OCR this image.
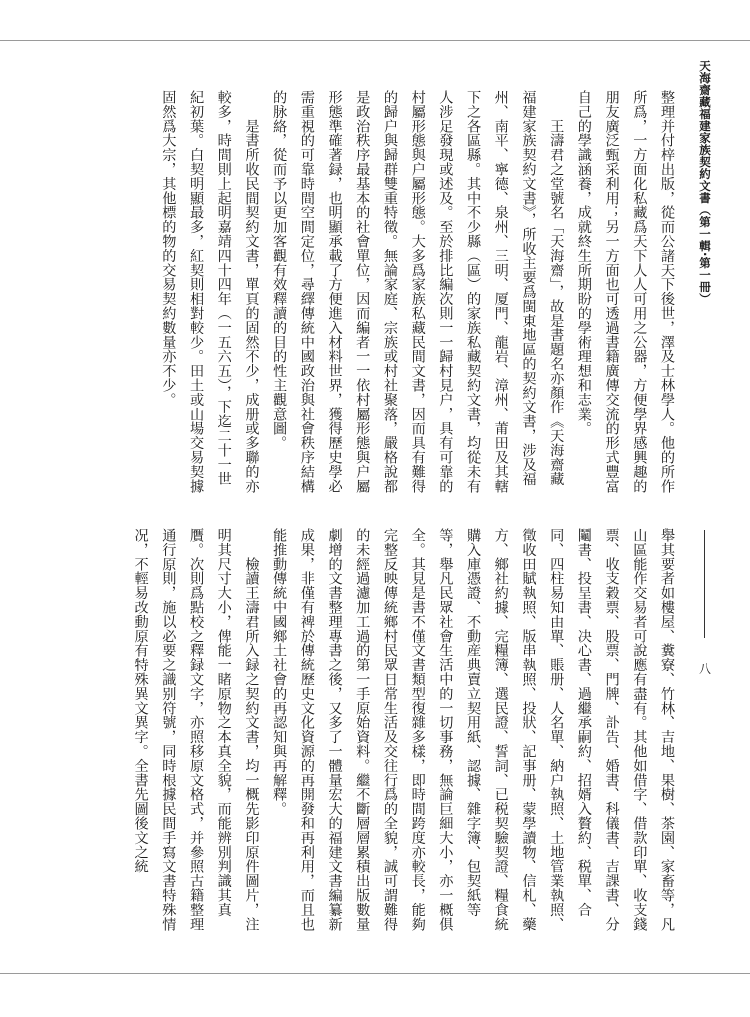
天海齋藏福建家族契約文書（第一輯·第一冊）
八
整理并付梓出版，從而公諸天下後世，澤及士林學人。他的所作所爲，一方面化私藏爲天下人人可用之公器，方便學界感興趣的朋友廣泛甄采利用；另一方面也可透過書籍廣傳交流的形式豐富自己的學識涵養，成就終生所期盼的學術理想和志業。
　　王濤君之堂號名「天海齋」，故是書題名亦顏作《天海齋藏福建家族契約文書》，所收主要爲閩東地區的契約文書，涉及福州、南平、寧德、泉州、三明、厦門、龍岩、漳州、莆田及其轄下之各區縣。其中不少縣（區）的家族私藏契約文書，均從未有人涉足發現或述及。至於排比編次則一一歸村見户，具有可靠的村屬形態與户屬形態。大多爲家族私藏民間文書，因而具有難得的歸户與歸群雙重特徵。無論家庭、宗族或村社聚落，嚴格說都是政治秩序最基本的社會單位，因而編者一一依村屬形態與户屬形態準確著録，也明顯承載了方便進入材料世界，獲得歷史學必需重視的可靠時間空間定位，尋繹傳統中國政治與社會秩序結構的脉絡，從而予以更加客觀有效釋讀的目的性主觀意圖。
　　是書所收民間契約文書，單頁的固然不少，成册或多聯的亦較多，時間則上起明嘉靖四十四年（一五六五），下迄二十一世紀初葉。白契明顯最多，紅契則相對較少。田土或山場交易契據固然爲大宗，其他標的物的交易契約數量亦不少。
舉其要者如樓屋、糞寮、竹林、吉地、果樹、茶園、家畜等，凡山區能作交易者可說應有盡有。其他如借字、借款印單、收支錢票、收支穀票、股票、門牌、訃告、婚書、科儀書、吉課書、分鬮書、投呈書、决心書、過繼承嗣約、招婿入贅約、税單、合同、四柱易知由單、賬册、人名單、納户執照、土地管業執照、徵收田賦執照、版串執照、投狀、記事册、蒙學讀物、信札、藥方、鄉社約據、完糧簿、選民證、誓詞、已税契驗契證、糧食統購入庫憑證、不動産典賣立契用紙、認據、雜字簿、包契紙等等，舉凡民眾社會生活中的一切事務，無論巨細大小，亦一概俱全。其見是書不僅文書類型復雜多樣，即時間跨度亦較長，能夠完整反映傳統鄉村民眾日常生活及交往行爲的全貌，誠可謂難得的未經過濾加工過的第一手原始資料。繼不斷層層累積出版數量劇增的文書整理專書之後，又多了一體量宏大的福建文書編纂新成果，非僅有裨於傳統歷史文化資源的再開發和再利用，而且也能推動傳統中國鄉土社會的再認知與再解釋。
　　檢讀王濤君所入録之契約文書，均一概先影印原件圖片，注明其尺寸大小，俾能一睹原物之本真全貌，而能辨別判識其真贋。次則爲點校之釋録文字，亦照移原文格式，并參照古籍整理通行原則，施以必要之識别符號，同時根據民間手寫文書特殊情况，不輕易改動原有特殊異文異字。全書先圖後文之統
